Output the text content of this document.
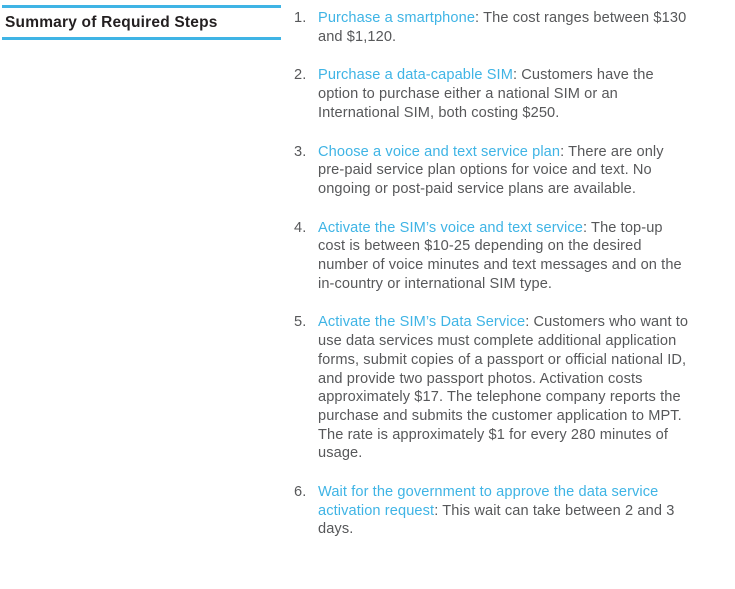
Summary of Required Steps	1. Purchase a smartphone: The cost ranges between $130 and $1,120.
2. Purchase a data-capable SIM: Customers have the option to purchase either a national SIM or an International SIM, both costing $250.
3. Choose a voice and text service plan: There are only pre-paid service plan options for voice and text. No ongoing or post-paid service plans are available.
4. Activate the SIM’s voice and text service: The top-up cost is between $10-25 depending on the desired number of voice minutes and text messages and on the in-country or international SIM type.
5. Activate the SIM’s Data Service: Customers who want to use data services must complete additional application forms, submit copies of a passport or official national ID, and provide two passport photos. Activation costs approximately $17. The telephone company reports the purchase and submits the customer application to MPT. The rate is approximately $1 for every 280 minutes of usage.
6. Wait for the government to approve the data service activation request: This wait can take between 2 and 3 days.
